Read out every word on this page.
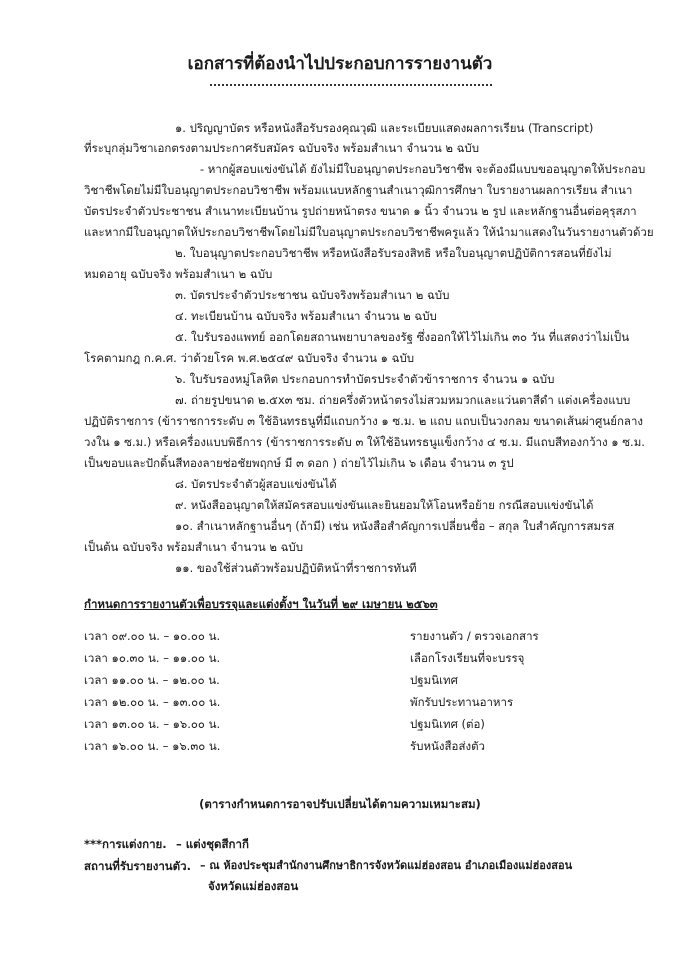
เอกสารที่ต้องนำไปประกอบการรายงานตัว
๑. ปริญญาบัตร หรือหนังสือรับรองคุณวุฒิ และระเบียบแสดงผลการเรียน (Transcript)
ที่ระบุกลุ่มวิชาเอกตรงตามประกาศรับสมัคร ฉบับจริง พร้อมสำเนา จำนวน ๒ ฉบับ
- หากผู้สอบแข่งขันได้ ยังไม่มีใบอนุญาตประกอบวิชาชีพ จะต้องมีแบบขออนุญาตให้ประกอบ
วิชาชีพโดยไม่มีใบอนุญาตประกอบวิชาชีพ พร้อมแนบหลักฐานสำเนาวุฒิการศึกษา ใบรายงานผลการเรียน สำเนา
บัตรประจำตัวประชาชน สำเนาทะเบียนบ้าน รูปถ่ายหน้าตรง ขนาด ๑ นิ้ว จำนวน ๒ รูป และหลักฐานอื่นต่อคุรุสภา
และหากมีใบอนุญาตให้ประกอบวิชาชีพโดยไม่มีใบอนุญาตประกอบวิชาชีพครูแล้ว ให้นำมาแสดงในวันรายงานตัวด้วย
๒. ใบอนุญาตประกอบวิชาชีพ หรือหนังสือรับรองสิทธิ หรือใบอนุญาตปฏิบัติการสอนที่ยังไม่
หมดอายุ ฉบับจริง พร้อมสำเนา ๒ ฉบับ
๓. บัตรประจำตัวประชาชน ฉบับจริงพร้อมสำเนา ๒ ฉบับ
๔. ทะเบียนบ้าน ฉบับจริง พร้อมสำเนา จำนวน ๒ ฉบับ
๕. ใบรับรองแพทย์ ออกโดยสถานพยาบาลของรัฐ ซึ่งออกให้ไว้ไม่เกิน ๓๐ วัน ที่แสดงว่าไม่เป็น
โรคตามกฎ ก.ค.ศ. ว่าด้วยโรค พ.ศ.๒๕๔๙ ฉบับจริง จำนวน ๑ ฉบับ
๖. ใบรับรองหมู่โลหิต ประกอบการทำบัตรประจำตัวข้าราชการ จำนวน ๑ ฉบับ
๗. ถ่ายรูปขนาด ๒.๕x๓ ซม. ถ่ายครึ่งตัวหน้าตรงไม่สวมหมวกและแว่นตาสีดำ แต่งเครื่องแบบ
ปฏิบัติราชการ (ข้าราชการระดับ ๓ ใช้อินทรธนูที่มีแถบกว้าง ๑ ซ.ม. ๒ แถบ แถบเป็นวงกลม ขนาดเส้นผ่าศูนย์กลาง
วงใน ๑ ซ.ม.) หรือเครื่องแบบพิธีการ (ข้าราชการระดับ ๓ ให้ใช้อินทรธนูแข็งกว้าง ๔ ซ.ม. มีแถบสีทองกว้าง ๑ ซ.ม.
เป็นขอบและปักดิ้นสีทองลายช่อชัยพฤกษ์ มี ๓ ดอก ) ถ่ายไว้ไม่เกิน ๖ เดือน จำนวน ๓ รูป
๘. บัตรประจำตัวผู้สอบแข่งขันได้
๙. หนังสืออนุญาตให้สมัครสอบแข่งขันและยินยอมให้โอนหรือย้าย กรณีสอบแข่งขันได้
๑๐. สำเนาหลักฐานอื่นๆ (ถ้ามี) เช่น หนังสือสำคัญการเปลี่ยนชื่อ – สกุล ใบสำคัญการสมรส
เป็นต้น ฉบับจริง พร้อมสำเนา จำนวน ๒ ฉบับ
๑๑. ของใช้ส่วนตัวพร้อมปฏิบัติหน้าที่ราชการทันที
กำหนดการรายงานตัวเพื่อบรรจุและแต่งตั้งฯ ในวันที่ ๒๙ เมษายน ๒๕๖๓
เวลา ๐๙.๐๐ น. – ๑๐.๐๐ น.	รายงานตัว / ตรวจเอกสาร
เวลา ๑๐.๓๐ น. – ๑๑.๐๐ น.	เลือกโรงเรียนที่จะบรรจุ
เวลา ๑๑.๐๐ น. – ๑๒.๐๐ น.	ปฐมนิเทศ
เวลา ๑๒.๐๐ น. – ๑๓.๐๐ น.	พักรับประทานอาหาร
เวลา ๑๓.๐๐ น. – ๑๖.๐๐ น.	ปฐมนิเทศ (ต่อ)
เวลา ๑๖.๐๐ น. – ๑๖.๓๐ น.	รับหนังสือส่งตัว
(ตารางกำหนดการอาจปรับเปลี่ยนได้ตามความเหมาะสม)
***การแต่งกาย. – แต่งชุดสีกากี
สถานที่รับรายงานตัว. – ณ ห้องประชุมสำนักงานศึกษาธิการจังหวัดแม่ฮ่องสอน อำเภอเมืองแม่ฮ่องสอน
จังหวัดแม่ฮ่องสอน
